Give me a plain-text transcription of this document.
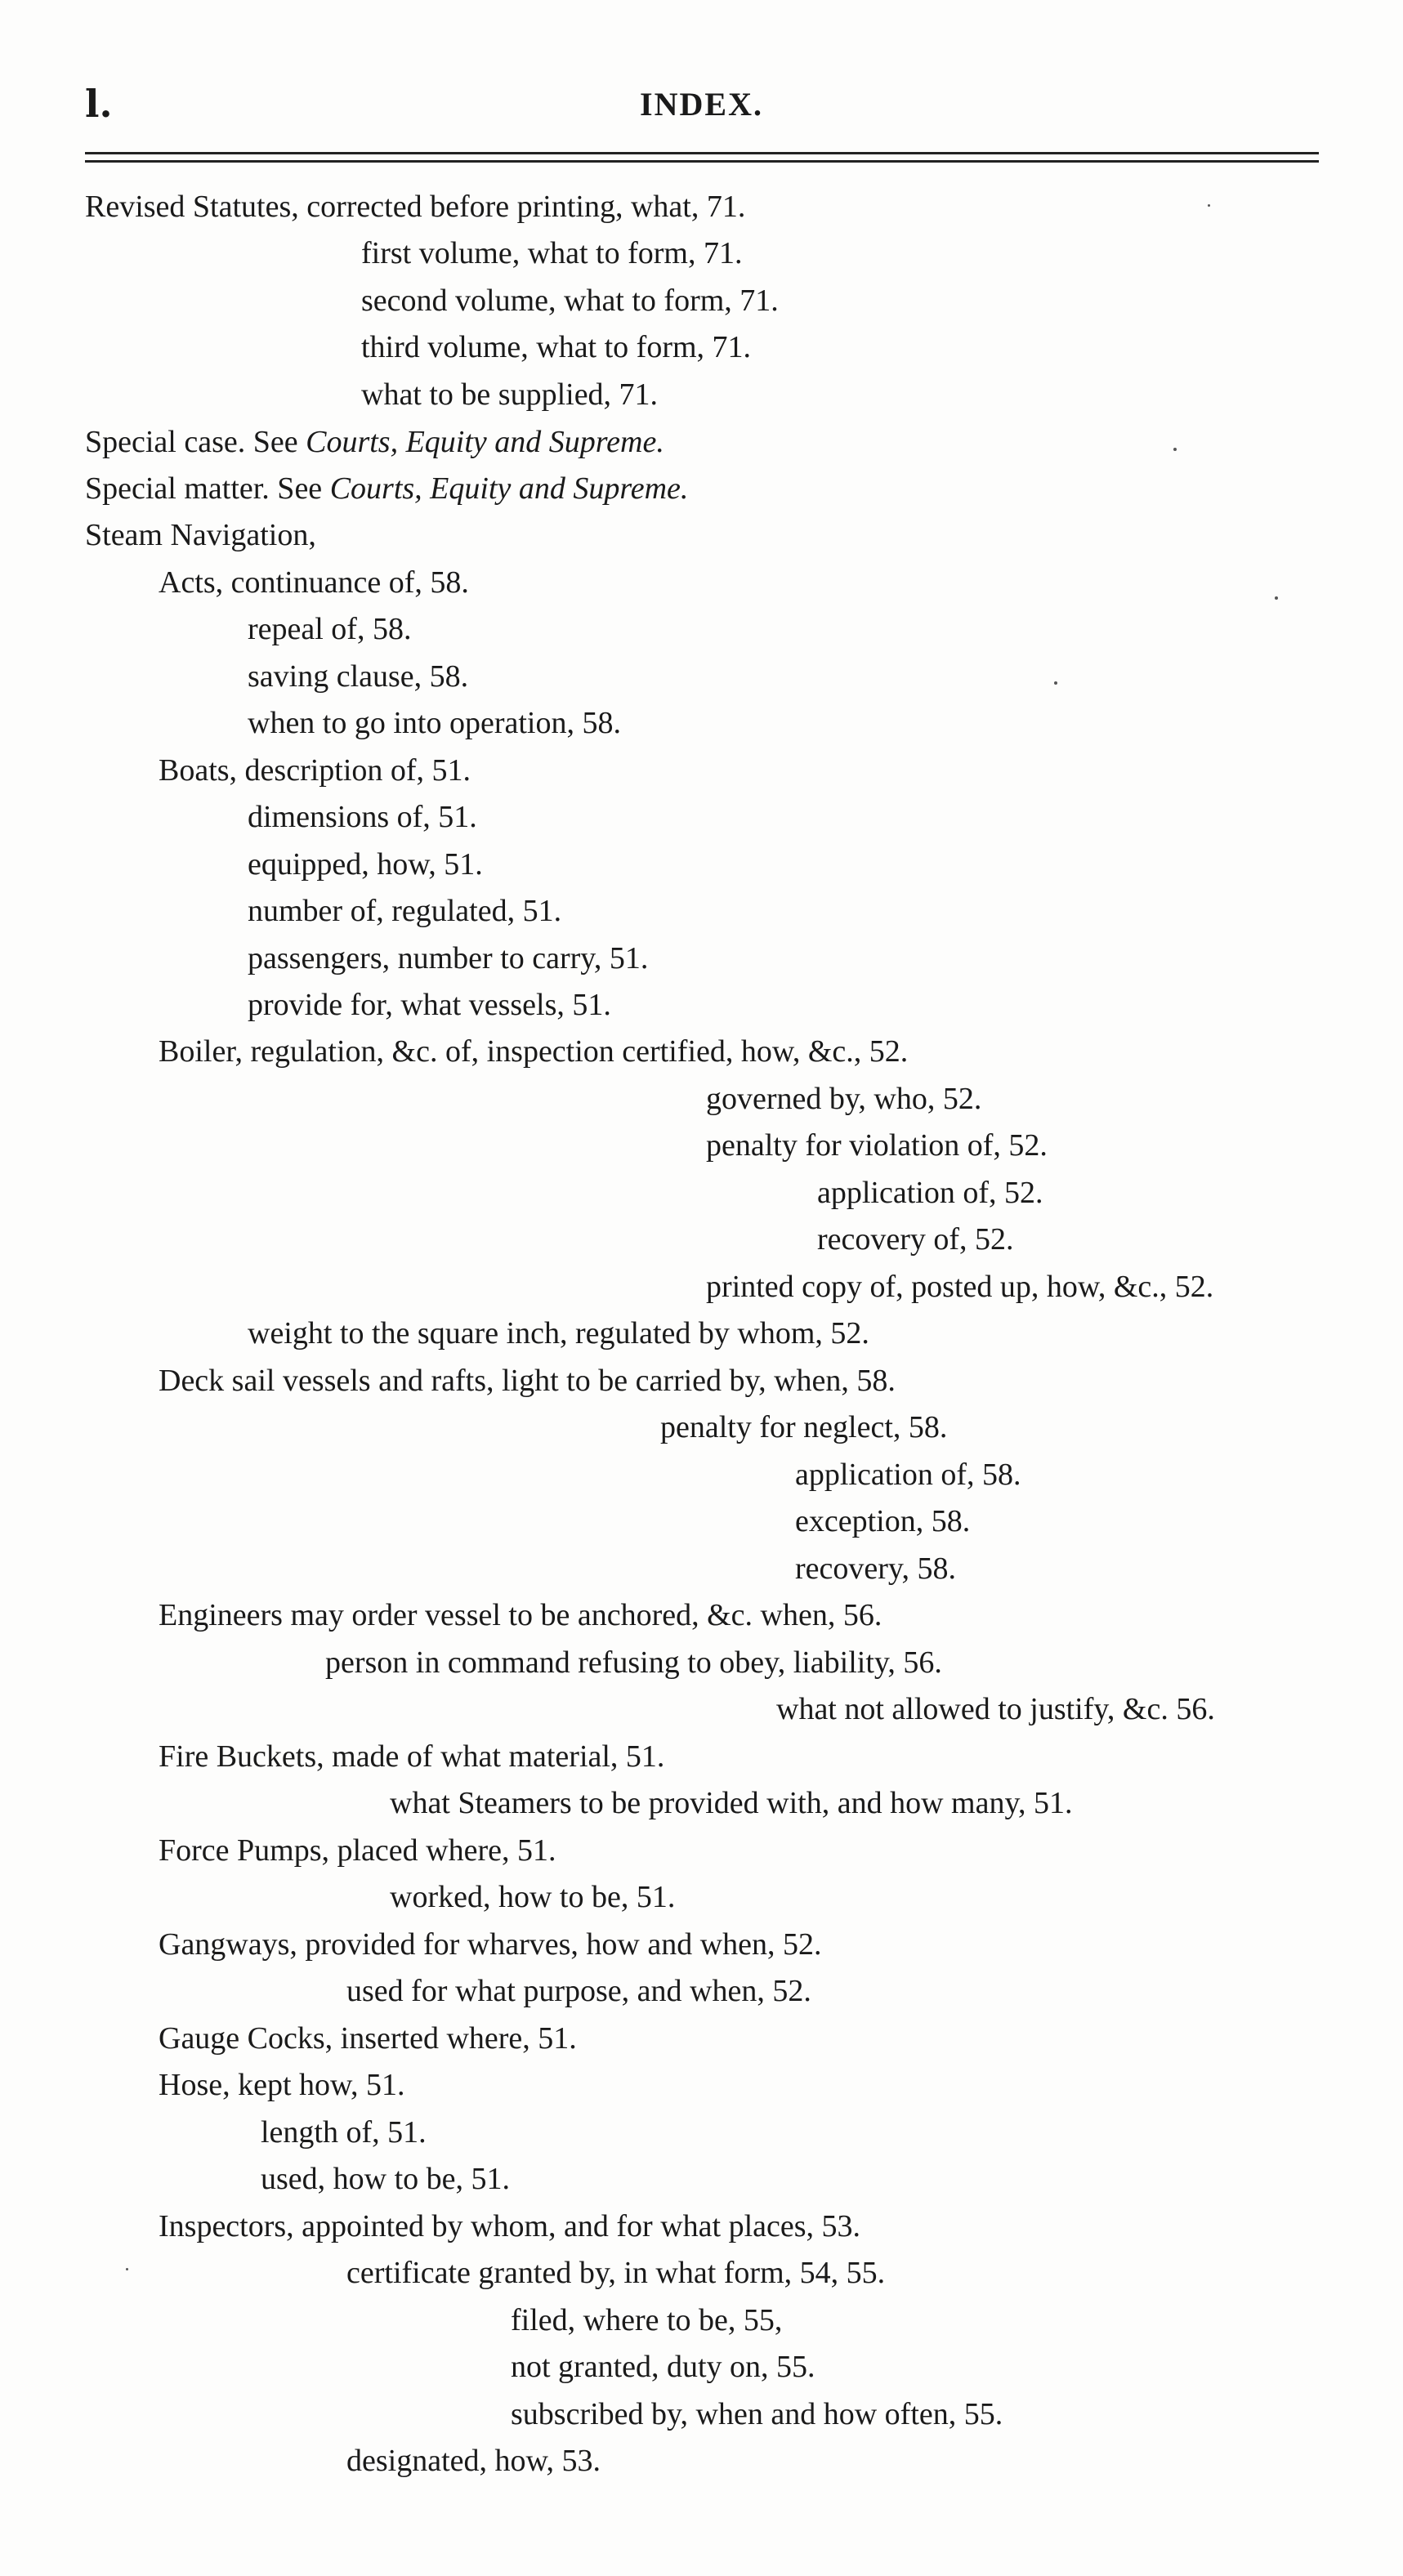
l.	INDEX.
Revised Statutes, corrected before printing, what, 71.
first volume, what to form, 71.
second volume, what to form, 71.
third volume, what to form, 71.
what to be supplied, 71.
Special case. See Courts, Equity and Supreme.
Special matter. See Courts, Equity and Supreme.
Steam Navigation,
Acts, continuance of, 58.
repeal of, 58.
saving clause, 58.
when to go into operation, 58.
Boats, description of, 51.
dimensions of, 51.
equipped, how, 51.
number of, regulated, 51.
passengers, number to carry, 51.
provide for, what vessels, 51.
Boiler, regulation, &c. of, inspection certified, how, &c., 52.
governed by, who, 52.
penalty for violation of, 52.
application of, 52.
recovery of, 52.
printed copy of, posted up, how, &c., 52.
weight to the square inch, regulated by whom, 52.
Deck sail vessels and rafts, light to be carried by, when, 58.
penalty for neglect, 58.
application of, 58.
exception, 58.
recovery, 58.
Engineers may order vessel to be anchored, &c. when, 56.
person in command refusing to obey, liability, 56.
what not allowed to justify, &c. 56.
Fire Buckets, made of what material, 51.
what Steamers to be provided with, and how many, 51.
Force Pumps, placed where, 51.
worked, how to be, 51.
Gangways, provided for wharves, how and when, 52.
used for what purpose, and when, 52.
Gauge Cocks, inserted where, 51.
Hose, kept how, 51.
length of, 51.
used, how to be, 51.
Inspectors, appointed by whom, and for what places, 53.
certificate granted by, in what form, 54, 55.
filed, where to be, 55,
not granted, duty on, 55.
subscribed by, when and how often, 55.
designated, how, 53.
